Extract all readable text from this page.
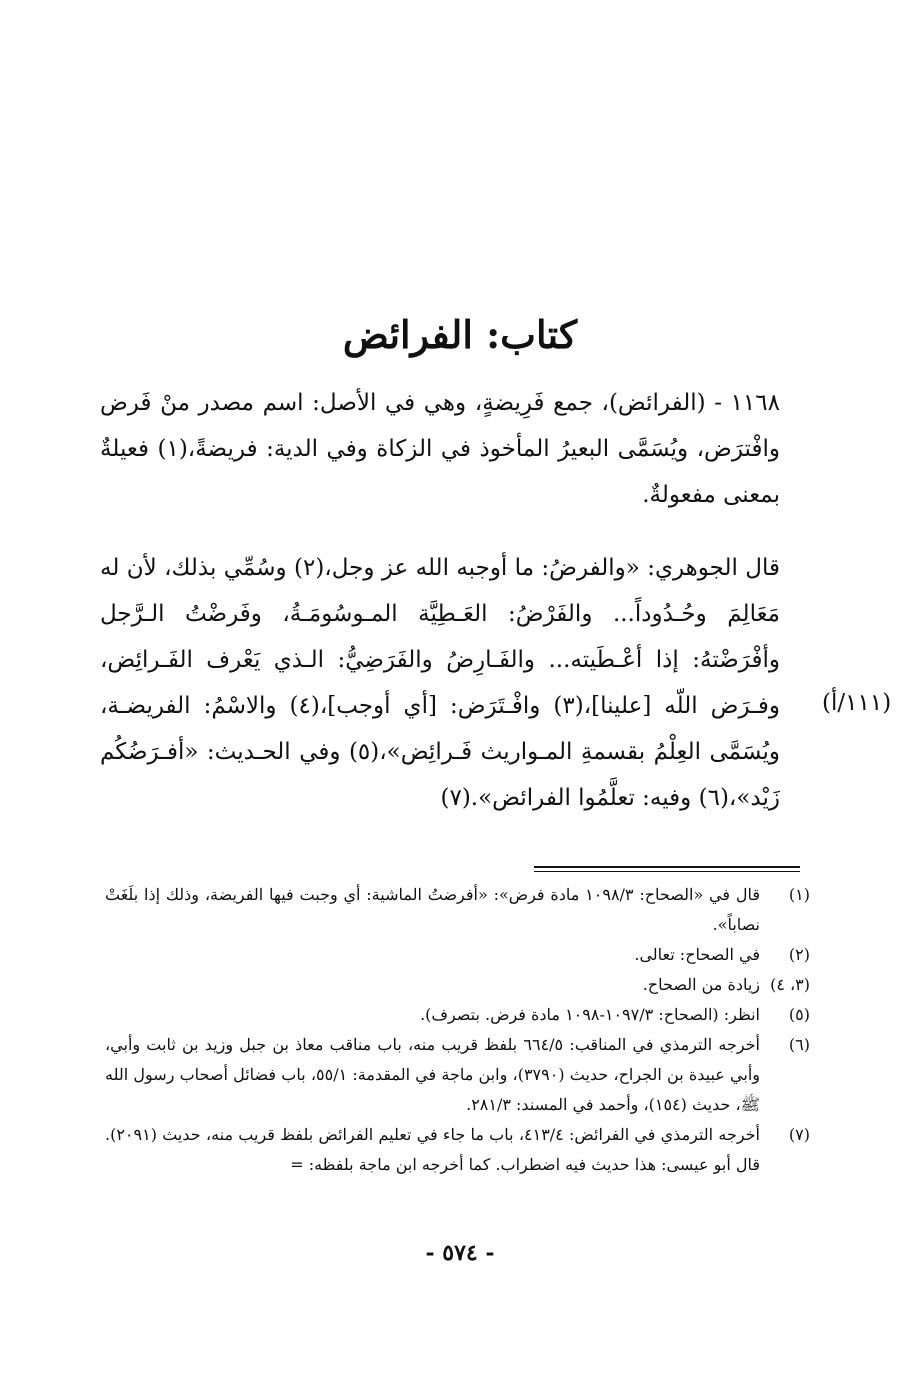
كتاب: الفرائض

١١٦٨ - (الفرائض)، جمع فَرِيضةٍ، وهي في الأصل: اسم مصدر منْ فَرض وافْترَض، ويُسَمَّى البعيرُ المأخوذ في الزكاة وفي الدية: فريضةً،(١) فعيلةٌ بمعنى مفعولةٌ.

قال الجوهري: «والفرضُ: ما أوجبه الله عز وجل،(٢) وسُمِّي بذلك، لأن له مَعَالِمَ وحُـدُوداً... والفَرْضُ: العَـطِيَّة المـوسُومَـةُ، وفَرضْتُ الـرَّجل وأفْرَضْتهُ: إذا أعْـطَيته... والفَـارِضُ والفَرَضِيُّ: الـذي يَعْرف الفَـرائِض، وفـرَض اللّه [علينا]،(٣) وافْـتَرَض: [أي أوجب]،(٤) والاسْمُ: الفريضـة، ويُسَمَّى العِلْمُ بقسمةِ المـواريث فَـرائِض»،(٥) وفي الحـديث: «أفـرَضُكُم زَيْد»،(٦) وفيه: تعلَّمُوا الفرائض».(٧)

(١١١/أ)
(١)
قال في «الصحاح: ١٠٩٨/٣ مادة فرض»: «أفرضتُ الماشية: أي وجبت فيها الفريضة، وذلك إذا بلَغَتْ نصاباً».
(٢)
في الصحاح: تعالى.
(٣، ٤)
زيادة من الصحاح.
(٥)
انظر: (الصحاح: ١٠٩٧/٣-١٠٩٨ مادة فرض. بتصرف).
(٦)
أخرجه الترمذي في المناقب: ٦٦٤/٥ بلفظ قريب منه، باب مناقب معاذ بن جبل وزيد بن ثابت وأبي، وأبي عبيدة بن الجراح، حديث (٣٧٩٠)، وابن ماجة في المقدمة: ٥٥/١، باب فضائل أصحاب رسول الله ﷺ، حديث (١٥٤)، وأحمد في المسند: ٢٨١/٣.
(٧)
أخرجه الترمذي في الفرائض: ٤١٣/٤، باب ما جاء في تعليم الفرائض بلفظ قريب منه، حديث (٢٠٩١). قال أبو عيسى: هذا حديث فيه اضطراب. كما أخرجه ابن ماجة بلفظه: =
- ٥٧٤ -
